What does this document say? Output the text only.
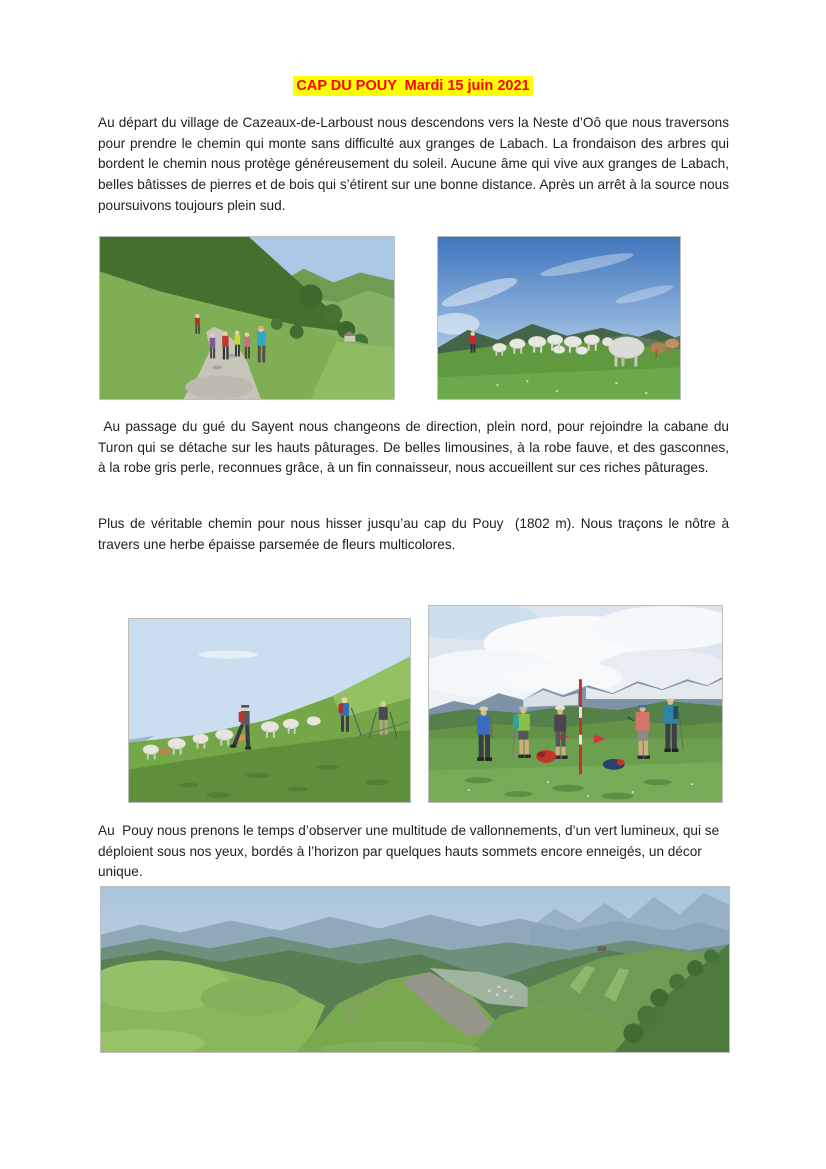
CAP DU POUY  Mardi 15 juin 2021

Au départ du village de Cazeaux-de-Larboust nous descendons vers la Neste d’Oô que nous traversons pour prendre le chemin qui monte sans difficulté aux granges de Labach. La frondaison des arbres qui bordent le chemin nous protège généreusement du soleil. Aucune âme qui vive aux granges de Labach, belles bâtisses de pierres et de bois qui s’étirent sur une bonne distance. Après un arrêt à la source nous poursuivons toujours plein sud.

Au passage du gué du Sayent nous changeons de direction, plein nord, pour rejoindre la cabane du Turon qui se détache sur les hauts pâturages. De belles limousines, à la robe fauve, et des gasconnes, à la robe gris perle, reconnues grâce, à un fin connaisseur, nous accueillent sur ces riches pâturages.

Plus de véritable chemin pour nous hisser jusqu’au cap du Pouy  (1802 m). Nous traçons le nôtre à travers une herbe épaisse parsemée de fleurs multicolores.

Au  Pouy nous prenons le temps d’observer une multitude de vallonnements, d’un vert lumineux, qui se déploient sous nos yeux, bordés à l’horizon par quelques hauts sommets encore enneigés, un décor unique.
